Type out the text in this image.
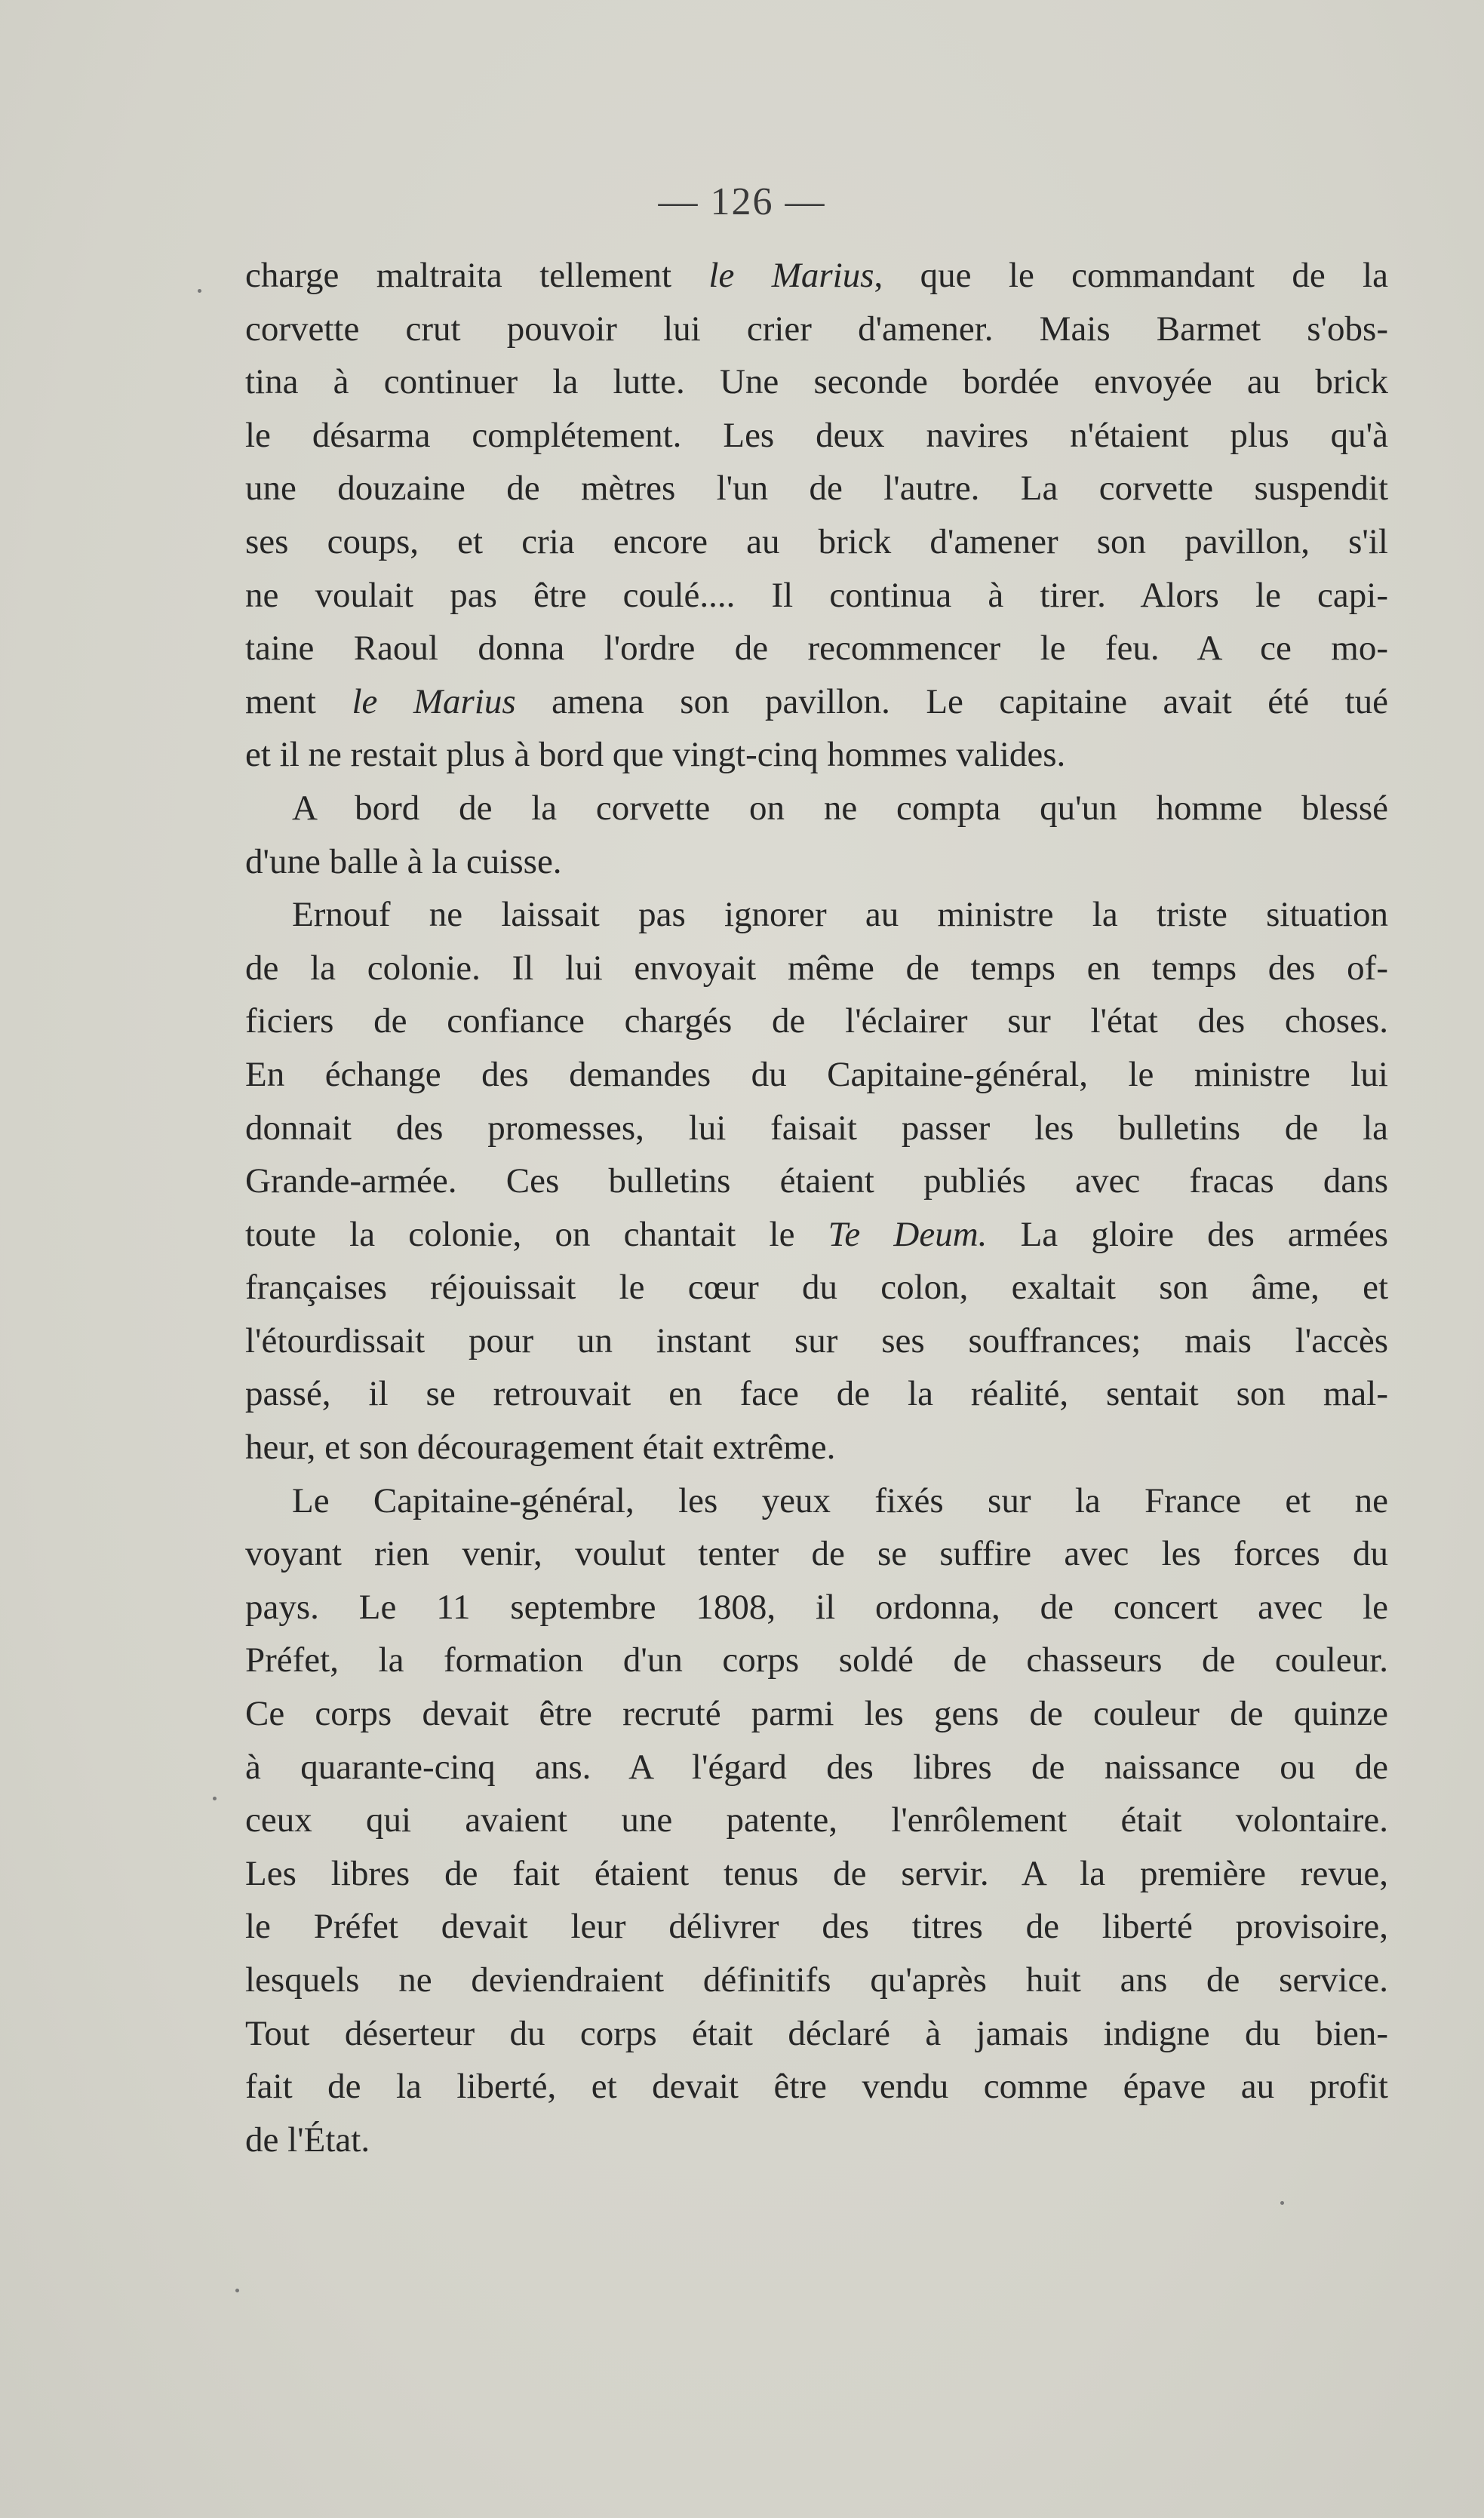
— 126 —
charge maltraita tellement le Marius, que le commandant de la
corvette crut pouvoir lui crier d'amener. Mais Barmet s'obs-
tina à continuer la lutte. Une seconde bordée envoyée au brick
le désarma complétement. Les deux navires n'étaient plus qu'à
une douzaine de mètres l'un de l'autre. La corvette suspendit
ses coups, et cria encore au brick d'amener son pavillon, s'il
ne voulait pas être coulé.... Il continua à tirer. Alors le capi-
taine Raoul donna l'ordre de recommencer le feu. A ce mo-
ment le Marius amena son pavillon. Le capitaine avait été tué
et il ne restait plus à bord que vingt-cinq hommes valides.
A bord de la corvette on ne compta qu'un homme blessé
d'une balle à la cuisse.
Ernouf ne laissait pas ignorer au ministre la triste situation
de la colonie. Il lui envoyait même de temps en temps des of-
ficiers de confiance chargés de l'éclairer sur l'état des choses.
En échange des demandes du Capitaine-général, le ministre lui
donnait des promesses, lui faisait passer les bulletins de la
Grande-armée. Ces bulletins étaient publiés avec fracas dans
toute la colonie, on chantait le Te Deum. La gloire des armées
françaises réjouissait le cœur du colon, exaltait son âme, et
l'étourdissait pour un instant sur ses souffrances; mais l'accès
passé, il se retrouvait en face de la réalité, sentait son mal-
heur, et son découragement était extrême.
Le Capitaine-général, les yeux fixés sur la France et ne
voyant rien venir, voulut tenter de se suffire avec les forces du
pays. Le 11 septembre 1808, il ordonna, de concert avec le
Préfet, la formation d'un corps soldé de chasseurs de couleur.
Ce corps devait être recruté parmi les gens de couleur de quinze
à quarante-cinq ans. A l'égard des libres de naissance ou de
ceux qui avaient une patente, l'enrôlement était volontaire.
Les libres de fait étaient tenus de servir. A la première revue,
le Préfet devait leur délivrer des titres de liberté provisoire,
lesquels ne deviendraient définitifs qu'après huit ans de service.
Tout déserteur du corps était déclaré à jamais indigne du bien-
fait de la liberté, et devait être vendu comme épave au profit
de l'État.
